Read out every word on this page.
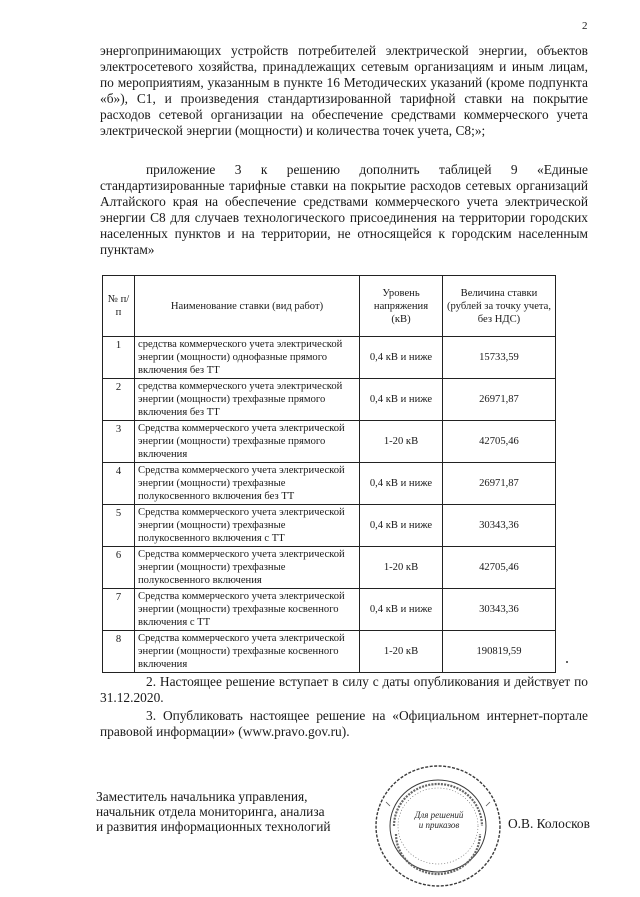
2

энергопринимающих устройств потребителей электрической энергии, объектов электросетевого хозяйства, принадлежащих сетевым организациям и иным лицам, по мероприятиям, указанным в пункте 16 Методических указаний (кроме подпункта «б»), С1, и произведения стандартизированной тарифной ставки на покрытие расходов сетевой организации на обеспечение средствами коммерческого учета электрической энергии (мощности) и количества точек учета, С8;»;

приложение 3 к решению дополнить таблицей 9 «Единые стандартизированные тарифные ставки на покрытие расходов сетевых организаций Алтайского края на обеспечение средствами коммерческого учета электрической энергии С8 для случаев технологического присоединения на территории городских населенных пунктов и на территории, не относящейся к городским населенным пунктам»

№ п/п	Наименование ставки (вид работ)	Уровень напряжения (кВ)	Величина ставки (рублей за точку учета, без НДС)
1	средства коммерческого учета электрической энергии (мощности) однофазные прямого включения без ТТ	0,4 кВ и ниже	15733,59
2	средства коммерческого учета электрической энергии (мощности) трехфазные прямого включения без ТТ	0,4 кВ и ниже	26971,87
3	Средства коммерческого учета электрической энергии (мощности) трехфазные прямого включения	1-20 кВ	42705,46
4	Средства коммерческого учета электрической энергии (мощности) трехфазные полукосвенного включения без ТТ	0,4 кВ и ниже	26971,87
5	Средства коммерческого учета электрической энергии (мощности) трехфазные полукосвенного включения с ТТ	0,4 кВ и ниже	30343,36
6	Средства коммерческого учета электрической энергии (мощности) трехфазные полукосвенного включения	1-20 кВ	42705,46
7	Средства коммерческого учета электрической энергии (мощности) трехфазные косвенного включения с ТТ	0,4 кВ и ниже	30343,36
8	Средства коммерческого учета электрической энергии (мощности) трехфазные косвенного включения	1-20 кВ	190819,59

2. Настоящее решение вступает в силу с даты опубликования и действует по 31.12.2020.

3. Опубликовать настоящее решение на «Официальном интернет-портале правовой информации» (www.pravo.gov.ru).

Заместитель начальника управления,
начальник отдела мониторинга, анализа
и развития информационных технологий
Для решений
и приказов	О.В. Колосков
